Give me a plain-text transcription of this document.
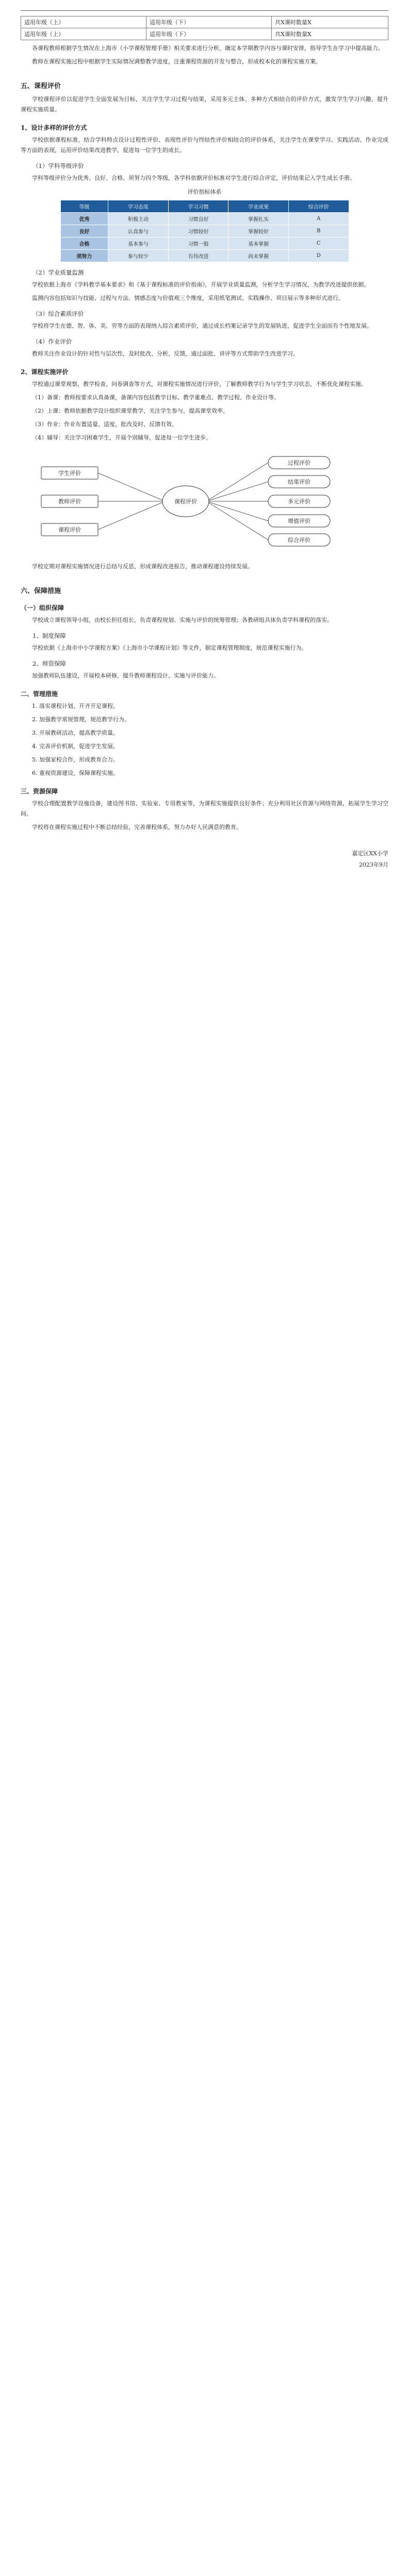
适用年级（上）	适用年级（下）	共X课时数量X
适用年级（上）	适用年级（下）	共X课时数量X

各课程教师根据学生情况在上海市《小学课程管理手册》相关要求进行分析，确定本学期教学内容与课时安排，指导学生在学习中提高能力。

教师在课程实施过程中根据学生实际情况调整教学进度，注重课程资源的开发与整合，形成校本化的课程实施方案。

五、课程评价

学校课程评价以促进学生全面发展为目标，关注学生学习过程与结果，采用多元主体、多种方式相结合的评价方式，激发学生学习兴趣，提升课程实施质量。

1、设计多样的评价方式

学校依据课程标准，结合学科特点设计过程性评价、表现性评价与终结性评价相结合的评价体系，关注学生在课堂学习、实践活动、作业完成等方面的表现，运用评价结果改进教学，促进每一位学生的成长。

（1）学科等级评价

学科等级评价分为优秀、良好、合格、须努力四个等级，各学科依据评价标准对学生进行综合评定，评价结果记入学生成长手册。

评价指标体系
等级	学习态度	学习习惯	学业成果	综合评价
优秀	积极主动	习惯良好	掌握扎实	A
良好	认真参与	习惯较好	掌握较好	B
合格	基本参与	习惯一般	基本掌握	C
须努力	参与较少	有待改进	尚未掌握	D
（2）学业质量监测

学校依据上海市《学科教学基本要求》和《基于课程标准的评价指南》，开展学业质量监测，分析学生学习情况，为教学改进提供依据。

监测内容包括知识与技能、过程与方法、情感态度与价值观三个维度，采用纸笔测试、实践操作、项目展示等多种形式进行。

（3）综合素质评价

学校将学生在德、智、体、美、劳等方面的表现纳入综合素质评价，通过成长档案记录学生的发展轨迹，促进学生全面而有个性地发展。

（4）作业评价

教师关注作业设计的针对性与层次性，及时批改、分析、反馈，通过面批、讲评等方式帮助学生改进学习。

2、课程实施评价

学校通过课堂观察、教学检查、问卷调查等方式，对课程实施情况进行评价，了解教师教学行为与学生学习状态，不断优化课程实施。

（1）备课：教师按要求认真备课，备课内容包括教学目标、教学重难点、教学过程、作业设计等。

（2）上课：教师依据教学设计组织课堂教学，关注学生参与，提高课堂效率。

（3）作业：作业布置适量、适度，批改及时，反馈有效。

（4）辅导：关注学习困难学生，开展个别辅导，促进每一位学生进步。

学生评价
教师评价
课程评价
课程评价
过程评价
结果评价
多元评价
增值评价
综合评价

学校定期对课程实施情况进行总结与反思，形成课程改进报告，推动课程建设持续发展。

六、保障措施
（一）组织保障

学校成立课程领导小组，由校长担任组长，负责课程规划、实施与评价的统筹管理；各教研组具体负责学科课程的落实。

1、制度保障

学校依据《上海市中小学课程方案》《上海市小学课程计划》等文件，制定课程管理制度，规范课程实施行为。

2、师资保障

加强教师队伍建设，开展校本研修，提升教师课程设计、实施与评价能力。

二、管理措施

1. 落实课程计划，开齐开足课程。

2. 加强教学常规管理，规范教学行为。

3. 开展教研活动，提高教学质量。

4. 完善评价机制，促进学生发展。

5. 加强家校合作，形成教育合力。

6. 重视资源建设，保障课程实施。

三、资源保障

学校合理配置教学设施设备，建设图书馆、实验室、专用教室等，为课程实施提供良好条件；充分利用社区资源与网络资源，拓展学生学习空间。

学校将在课程实施过程中不断总结经验，完善课程体系，努力办好人民满意的教育。

嘉定区XX小学
2023年9月
